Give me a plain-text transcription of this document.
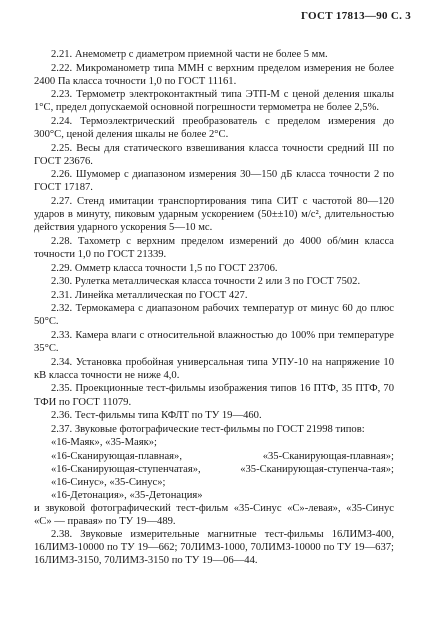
ГОСТ 17813—90 С. 3

2.21. Анемометр с диаметром приемной части не более 5 мм.

2.22. Микроманометр типа ММН с верхним пределом измерения не более 2400 Па класса точности 1,0 по ГОСТ 11161.

2.23. Термометр электроконтактный типа ЭТП-М с ценой деления шкалы 1°С, предел допускаемой основной погрешности термометра не более 2,5%.

2.24. Термоэлектрический преобразователь с пределом измерения до 300°С, ценой деления шкалы не более 2°С.

2.25. Весы для статического взвешивания класса точности средний III по ГОСТ 23676.

2.26. Шумомер с диапазоном измерения 30—150 дБ класса точности 2 по ГОСТ 17187.

2.27. Стенд имитации транспортирования типа СИТ с частотой 80—120 ударов в минуту, пиковым ударным ускорением (50±±10) м/с², длительностью действия ударного ускорения 5—10 мс.

2.28. Тахометр с верхним пределом измерений до 4000 об/мин класса точности 1,0 по ГОСТ 21339.

2.29. Омметр класса точности 1,5 по ГОСТ 23706.

2.30. Рулетка металлическая класса точности 2 или 3 по ГОСТ 7502.

2.31. Линейка металлическая по ГОСТ 427.

2.32. Термокамера с диапазоном рабочих температур от минус 60 до плюс 50°С.

2.33. Камера влаги с относительной влажностью до 100% при температуре 35°С.

2.34. Установка пробойная универсальная типа УПУ-10 на напряжение 10 кВ класса точности не ниже 4,0.

2.35. Проекционные тест-фильмы изображения типов 16 ПТФ, 35 ПТФ, 70 ТФИ по ГОСТ 11079.

2.36. Тест-фильмы типа КФЛТ по ТУ 19—460.

2.37. Звуковые фотографические тест-фильмы по ГОСТ 21998 типов:

«16-Маяк», «35-Маяк»;

«16-Сканирующая-плавная»,	«35-Сканирующая-плавная»;
«16-Сканирующая-ступенчатая»,	«35-Сканирующая-ступенча-тая»;

«16-Синус», «35-Синус»;

«16-Детонация», «35-Детонация»

и звуковой фотографический тест-фильм «35-Синус «С»-левая», «35-Синус «С» — правая» по ТУ 19—489.

2.38. Звуковые измерительные магнитные тест-фильмы 16ЛИМЗ-400, 16ЛИМЗ-10000 по ТУ 19—662; 70ЛИМЗ-1000, 70ЛИМЗ-10000 по ТУ 19—637; 16ЛИМЗ-3150, 70ЛИМЗ-3150 по ТУ 19—06—44.
